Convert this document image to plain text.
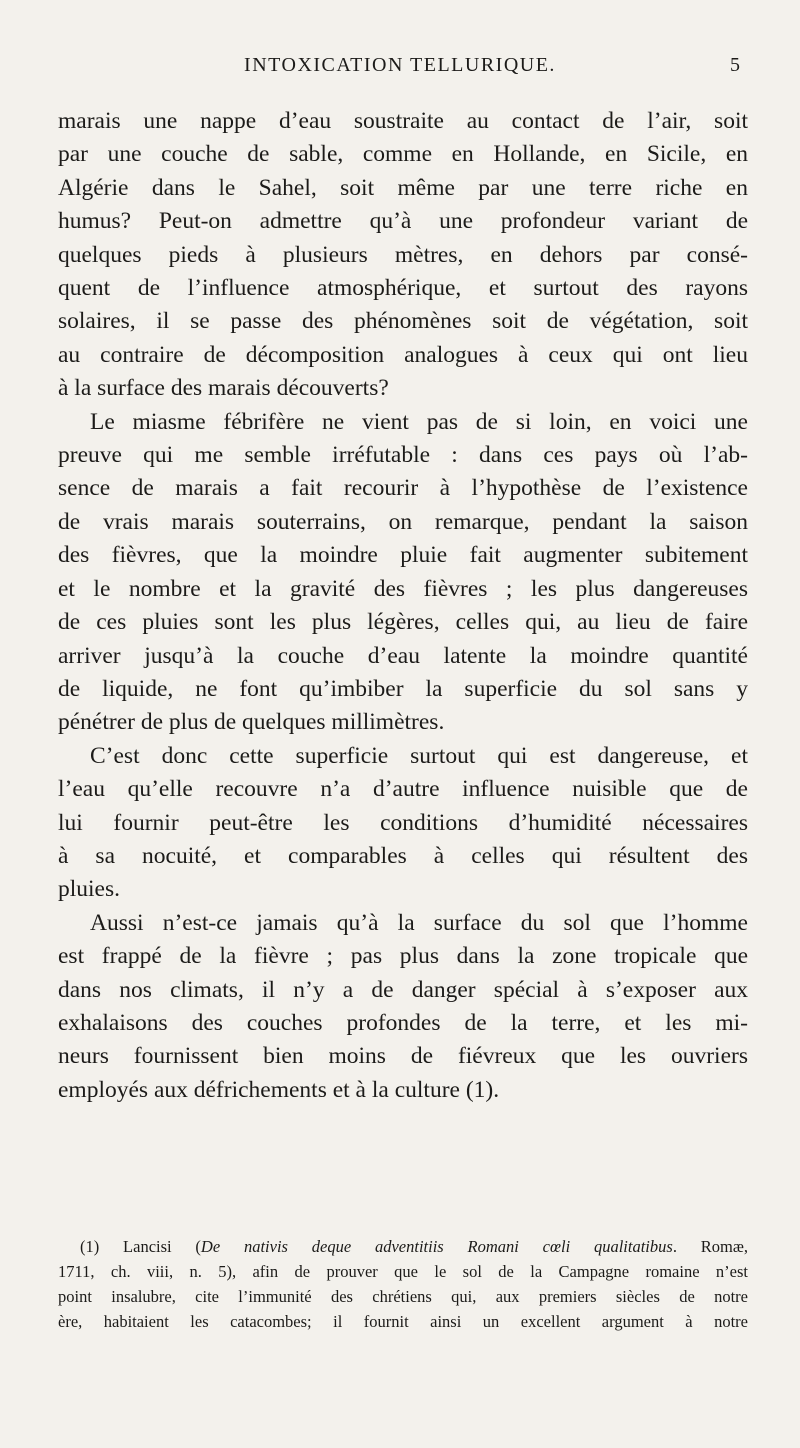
INTOXICATION TELLURIQUE.	5
marais une nappe d’eau soustraite au contact de l’air, soit
par une couche de sable, comme en Hollande, en Sicile, en
Algérie dans le Sahel, soit même par une terre riche en
humus? Peut-on admettre qu’à une profondeur variant de
quelques pieds à plusieurs mètres, en dehors par consé-
quent de l’influence atmosphérique, et surtout des rayons
solaires, il se passe des phénomènes soit de végétation, soit
au contraire de décomposition analogues à ceux qui ont lieu
à la surface des marais découverts?
Le miasme fébrifère ne vient pas de si loin, en voici une
preuve qui me semble irréfutable : dans ces pays où l’ab-
sence de marais a fait recourir à l’hypothèse de l’existence
de vrais marais souterrains, on remarque, pendant la saison
des fièvres, que la moindre pluie fait augmenter subitement
et le nombre et la gravité des fièvres ; les plus dangereuses
de ces pluies sont les plus légères, celles qui, au lieu de faire
arriver jusqu’à la couche d’eau latente la moindre quantité
de liquide, ne font qu’imbiber la superficie du sol sans y
pénétrer de plus de quelques millimètres.
C’est donc cette superficie surtout qui est dangereuse, et
l’eau qu’elle recouvre n’a d’autre influence nuisible que de
lui fournir peut-être les conditions d’humidité nécessaires
à sa nocuité, et comparables à celles qui résultent des
pluies.
Aussi n’est-ce jamais qu’à la surface du sol que l’homme
est frappé de la fièvre ; pas plus dans la zone tropicale que
dans nos climats, il n’y a de danger spécial à s’exposer aux
exhalaisons des couches profondes de la terre, et les mi-
neurs fournissent bien moins de fiévreux que les ouvriers
employés aux défrichements et à la culture (1).
(1) Lancisi (De nativis deque adventitiis Romani cœli qualitatibus. Romæ,
1711, ch. viii, n. 5), afin de prouver que le sol de la Campagne romaine n’est
point insalubre, cite l’immunité des chrétiens qui, aux premiers siècles de notre
ère, habitaient les catacombes; il fournit ainsi un excellent argument à notre
